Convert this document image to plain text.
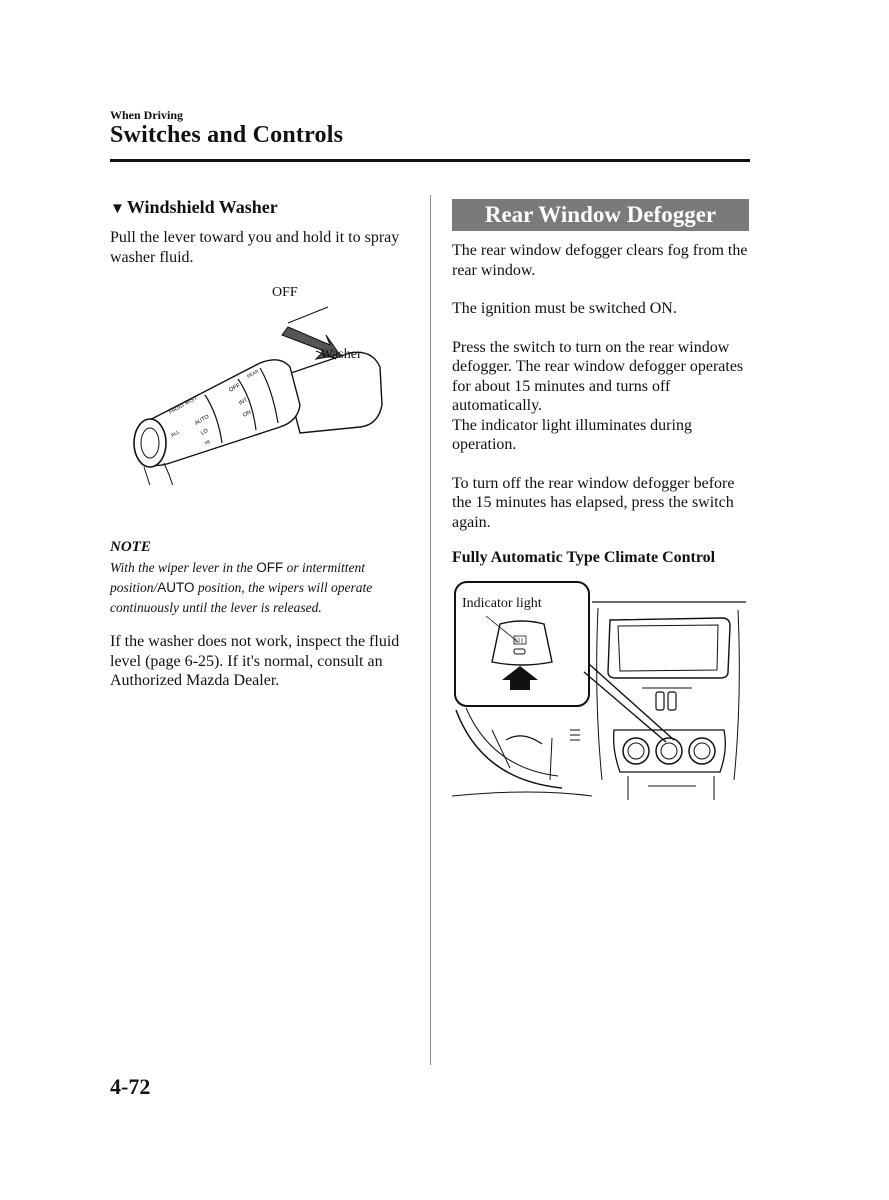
When Driving
Switches and Controls
▼ Windshield Washer

Pull the lever toward you and hold it to spray washer fluid.

FRONT
MIST
ALL
AUTO
LO
HI
OFF
INT
ON
REAR
OFF
Washer
NOTE

With the wiper lever in the OFF or intermittent position/AUTO position, the wipers will operate continuously until the lever is released.

If the washer does not work, inspect the fluid level (page 6-25). If it's normal, consult an Authorized Mazda Dealer.

Rear Window Defogger

The rear window defogger clears fog from the rear window.

The ignition must be switched ON.

Press the switch to turn on the rear window defogger. The rear window defogger operates for about 15 minutes and turns off automatically.

The indicator light illuminates during operation.

To turn off the rear window defogger before the 15 minutes has elapsed, press the switch again.

Fully Automatic Type Climate Control

Indicator light
4-72
